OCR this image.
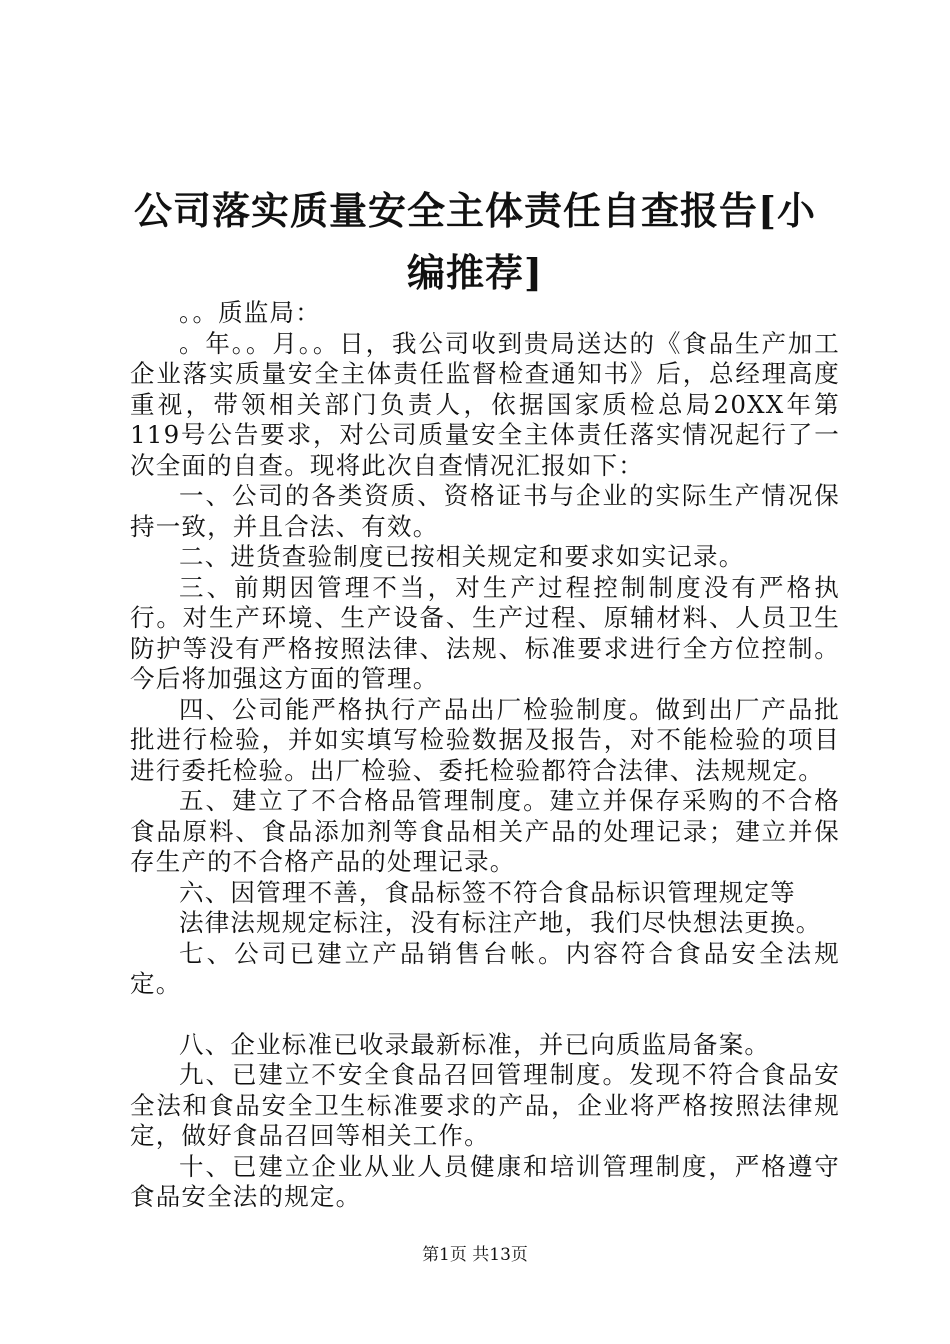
公司落实质量安全主体责任自查报告[小编推荐]

。。质监局：

。年。。月。。日，我公司收到贵局送达的《食品生产加工企业落实质量安全主体责任监督检查通知书》后，总经理高度重视，带领相关部门负责人，依据国家质检总局20XX年第119号公告要求，对公司质量安全主体责任落实情况起行了一次全面的自查。现将此次自查情况汇报如下：

一、公司的各类资质、资格证书与企业的实际生产情况保持一致，并且合法、有效。

二、进货查验制度已按相关规定和要求如实记录。

三、前期因管理不当，对生产过程控制制度没有严格执行。对生产环境、生产设备、生产过程、原辅材料、人员卫生防护等没有严格按照法律、法规、标准要求进行全方位控制。今后将加强这方面的管理。

四、公司能严格执行产品出厂检验制度。做到出厂产品批批进行检验，并如实填写检验数据及报告，对不能检验的项目进行委托检验。出厂检验、委托检验都符合法律、法规规定。

五、建立了不合格品管理制度。建立并保存采购的不合格食品原料、食品添加剂等食品相关产品的处理记录；建立并保存生产的不合格产品的处理记录。

六、因管理不善，食品标签不符合食品标识管理规定等

法律法规规定标注，没有标注产地，我们尽快想法更换。

七、公司已建立产品销售台帐。内容符合食品安全法规定。

八、企业标准已收录最新标准，并已向质监局备案。

九、已建立不安全食品召回管理制度。发现不符合食品安全法和食品安全卫生标准要求的产品，企业将严格按照法律规定，做好食品召回等相关工作。

十、已建立企业从业人员健康和培训管理制度，严格遵守食品安全法的规定。

第1页 共13页
